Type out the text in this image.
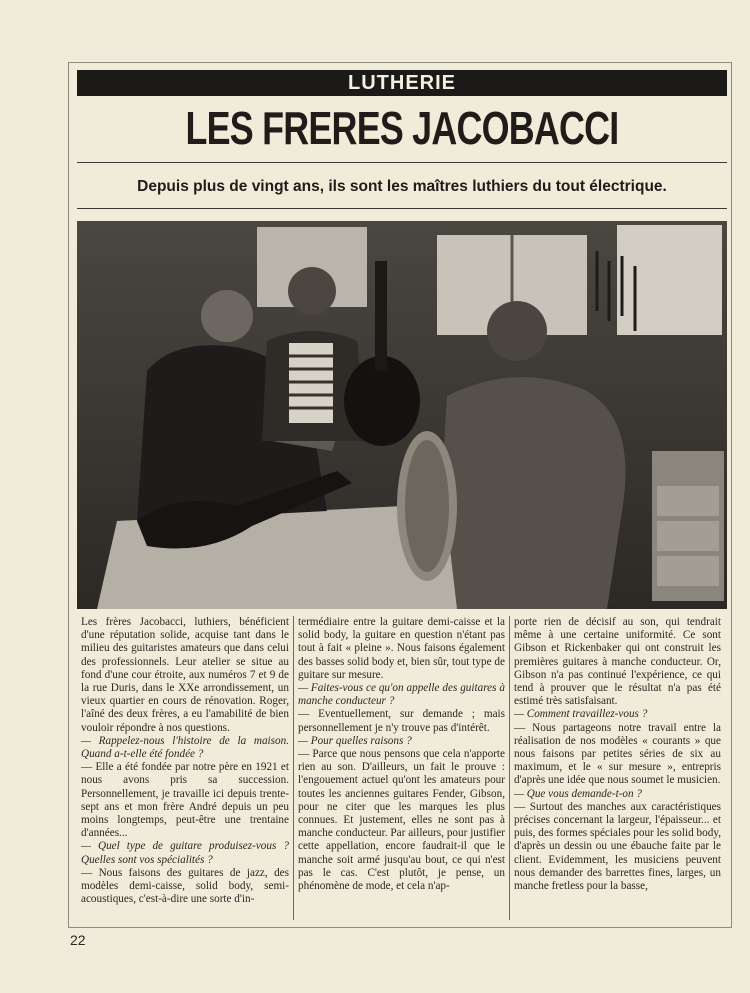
LUTHERIE
LES FRERES JACOBACCI
Depuis plus de vingt ans, ils sont les maîtres luthiers du tout électrique.

Les frères Jacobacci, luthiers, bénéficient d'une réputation solide, acquise tant dans le milieu des guitaristes amateurs que dans celui des professionnels. Leur atelier se situe au fond d'une cour étroite, aux numéros 7 et 9 de la rue Duris, dans le XXe arrondissement, un vieux quartier en cours de rénovation. Roger, l'aîné des deux frères, a eu l'amabilité de bien vouloir répondre à nos questions.

— Rappelez-nous l'histoire de la maison. Quand a-t-elle été fondée ?

— Elle a été fondée par notre père en 1921 et nous avons pris sa succession. Personnellement, je travaille ici depuis trente-sept ans et mon frère André depuis un peu moins longtemps, peut-être une trentaine d'années...

— Quel type de guitare produisez-vous ? Quelles sont vos spécialités ?

— Nous faisons des guitares de jazz, des modèles demi-caisse, solid body, semi-acoustiques, c'est-à-dire une sorte d'in-

termédiaire entre la guitare demi-caisse et la solid body, la guitare en question n'étant pas tout à fait « pleine ». Nous faisons également des basses solid body et, bien sûr, tout type de guitare sur mesure.

— Faites-vous ce qu'on appelle des guitares à manche conducteur ?

— Eventuellement, sur demande ; mais personnellement je n'y trouve pas d'intérêt.

— Pour quelles raisons ?

— Parce que nous pensons que cela n'apporte rien au son. D'ailleurs, un fait le prouve : l'engouement actuel qu'ont les amateurs pour toutes les anciennes guitares Fender, Gibson, pour ne citer que les marques les plus connues. Et justement, elles ne sont pas à manche conducteur. Par ailleurs, pour justifier cette appellation, encore faudrait-il que le manche soit armé jusqu'au bout, ce qui n'est pas le cas. C'est plutôt, je pense, un phénomène de mode, et cela n'ap-

porte rien de décisif au son, qui tendrait même à une certaine uniformité. Ce sont Gibson et Rickenbaker qui ont construit les premières guitares à manche conducteur. Or, Gibson n'a pas continué l'expérience, ce qui tend à prouver que le résultat n'a pas été estimé très satisfaisant.

— Comment travaillez-vous ?

— Nous partageons notre travail entre la réalisation de nos modèles « courants » que nous faisons par petites séries de six au maximum, et le « sur mesure », entrepris d'après une idée que nous soumet le musicien.

— Que vous demande-t-on ?

— Surtout des manches aux caractéristiques précises concernant la largeur, l'épaisseur... et puis, des formes spéciales pour les solid body, d'après un dessin ou une ébauche faite par le client. Evidemment, les musiciens peuvent nous demander des barrettes fines, larges, un manche fretless pour la basse,

22
